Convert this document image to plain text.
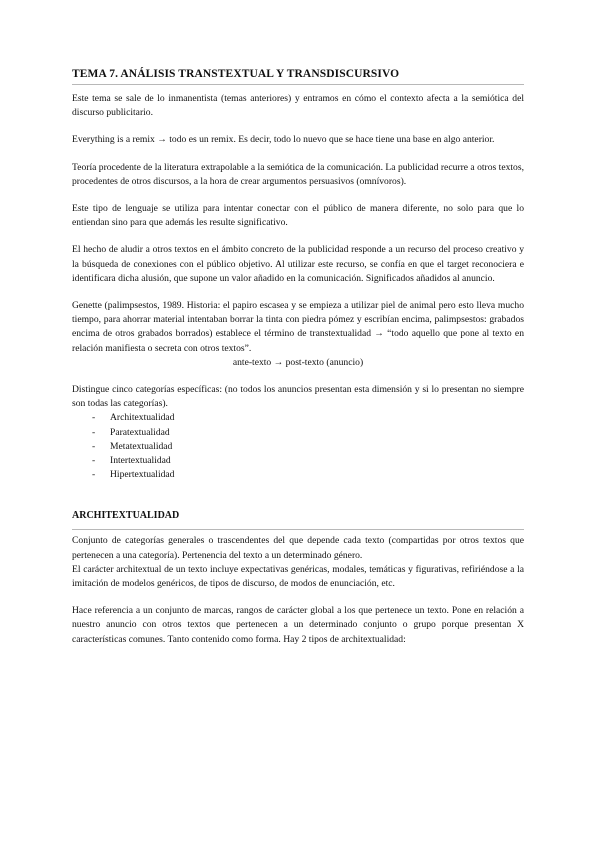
TEMA 7. ANÁLISIS TRANSTEXTUAL Y TRANSDISCURSIVO

Este tema se sale de lo inmanentista (temas anteriores) y entramos en cómo el contexto afecta a la semiótica del discurso publicitario.

Everything is a remix → todo es un remix. Es decir, todo lo nuevo que se hace tiene una base en algo anterior.

Teoría procedente de la literatura extrapolable a la semiótica de la comunicación. La publicidad recurre a otros textos, procedentes de otros discursos, a la hora de crear argumentos persuasivos (omnívoros).

Este tipo de lenguaje se utiliza para intentar conectar con el público de manera diferente, no solo para que lo entiendan sino para que además les resulte significativo.

El hecho de aludir a otros textos en el ámbito concreto de la publicidad responde a un recurso del proceso creativo y la búsqueda de conexiones con el público objetivo. Al utilizar este recurso, se confía en que el target reconociera e identificara dicha alusión, que supone un valor añadido en la comunicación. Significados añadidos al anuncio.

Genette (palimpsestos, 1989. Historia: el papiro escasea y se empieza a utilizar piel de animal pero esto lleva mucho tiempo, para ahorrar material intentaban borrar la tinta con piedra pómez y escribían encima, palimpsestos: grabados encima de otros grabados borrados) establece el término de transtextualidad → “todo aquello que pone al texto en relación manifiesta o secreta con otros textos”.

ante-texto → post-texto (anuncio)

Distingue cinco categorías específicas: (no todos los anuncios presentan esta dimensión y si lo presentan no siempre son todas las categorías).

- Architextualidad
- Paratextualidad
- Metatextualidad
- Intertextualidad
- Hipertextualidad
ARCHITEXTUALIDAD

Conjunto de categorías generales o trascendentes del que depende cada texto (compartidas por otros textos que pertenecen a una categoría). Pertenencia del texto a un determinado género.

El carácter architextual de un texto incluye expectativas genéricas, modales, temáticas y figurativas, refiriéndose a la imitación de modelos genéricos, de tipos de discurso, de modos de enunciación, etc.

Hace referencia a un conjunto de marcas, rangos de carácter global a los que pertenece un texto. Pone en relación a nuestro anuncio con otros textos que pertenecen a un determinado conjunto o grupo porque presentan X características comunes. Tanto contenido como forma. Hay 2 tipos de architextualidad:
